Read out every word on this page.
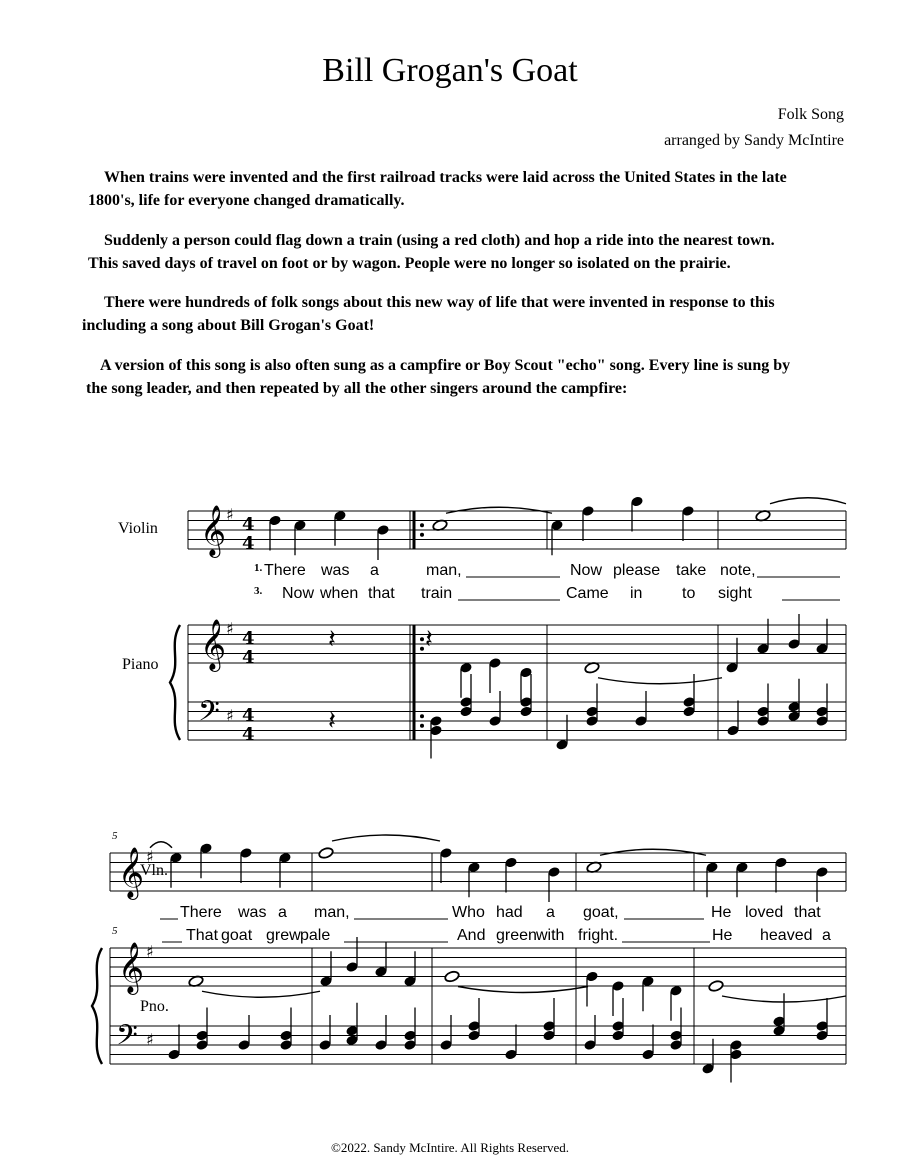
Bill Grogan's Goat
Folk Song
arranged by Sandy McIntire
When trains were invented and the first railroad tracks were laid across the United States in the late
1800's, life for everyone changed dramatically.
Suddenly a person could flag down a train (using a red cloth) and hop a ride into the nearest town.
This saved days of travel on foot or by wagon. People were no longer so isolated on the prairie.
There were hundreds of folk songs about this new way of life that were invented in response to this
including a song about Bill Grogan's Goat!
A version of this song is also often sung as a campfire or Boy Scout "echo" song. Every line is sung by
the song leader, and then repeated by all the other singers around the campfire:
Violin
Piano
Vln.
Pno.
𝄞
𝄞
𝄢
♯
♯
♯
4
4
4
4
4
4
𝄽	𝄽
𝄽
𝄞
𝄞
𝄢
♯
♯
♯
5
5
1.
3.
There was a	man,	Now please take note,
Now when that train	Came in to sight
There was a man,	Who had a goat,	He loved that
That goat grew pale	And green with fright.	He heaved a
©2022. Sandy McIntire. All Rights Reserved.
